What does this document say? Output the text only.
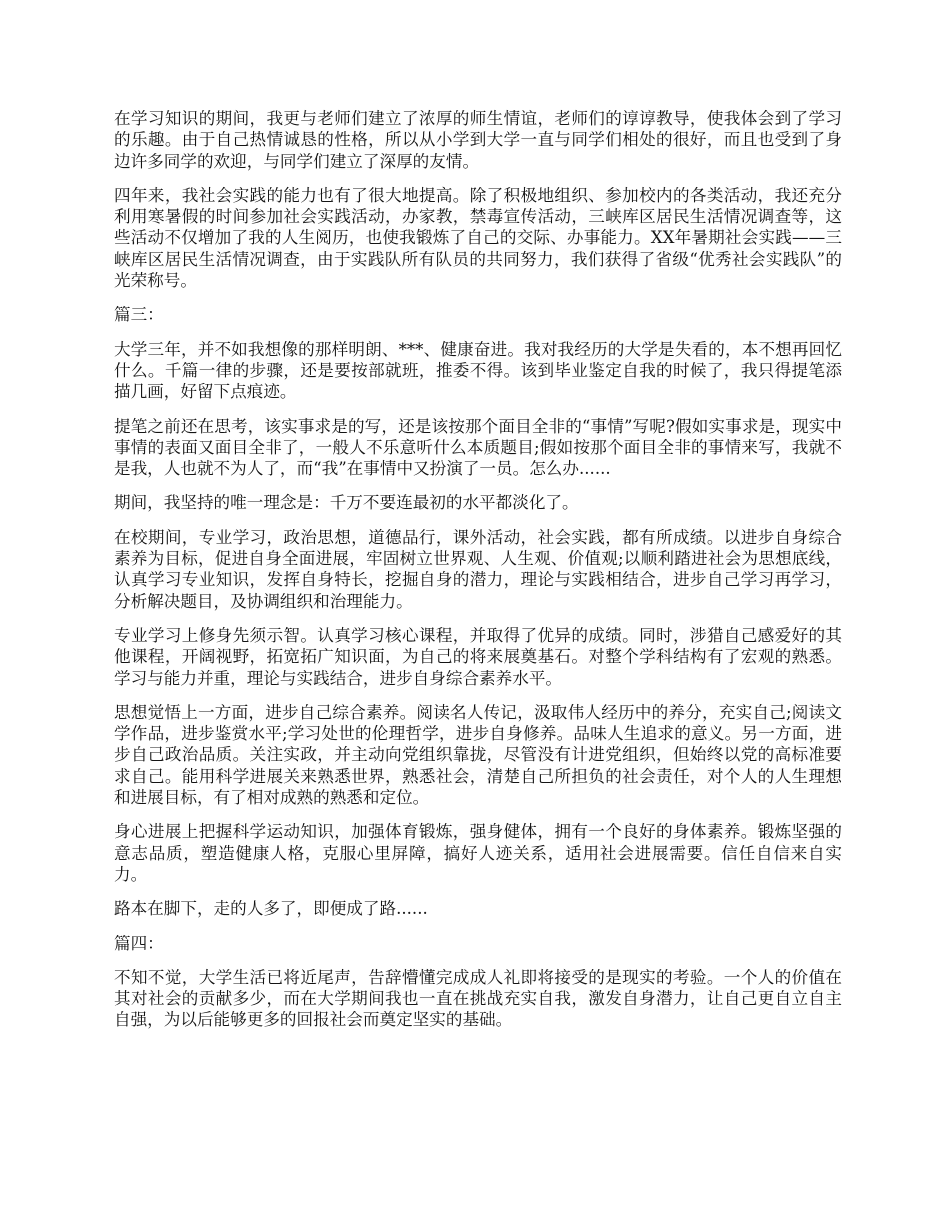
在学习知识的期间，我更与老师们建立了浓厚的师生情谊，老师们的谆谆教导，使我体会到了学习的乐趣。由于自己热情诚恳的性格，所以从小学到大学一直与同学们相处的很好，而且也受到了身边许多同学的欢迎，与同学们建立了深厚的友情。

四年来，我社会实践的能力也有了很大地提高。除了积极地组织、参加校内的各类活动，我还充分利用寒暑假的时间参加社会实践活动，办家教，禁毒宣传活动，三峡库区居民生活情况调查等，这些活动不仅增加了我的人生阅历，也使我锻炼了自己的交际、办事能力。XX年暑期社会实践——三峡库区居民生活情况调查，由于实践队所有队员的共同努力，我们获得了省级“优秀社会实践队”的光荣称号。

篇三：

大学三年，并不如我想像的那样明朗、***、健康奋进。我对我经历的大学是失看的，本不想再回忆什么。千篇一律的步骤，还是要按部就班，推委不得。该到毕业鉴定自我的时候了，我只得提笔添描几画，好留下点痕迹。

提笔之前还在思考，该实事求是的写，还是该按那个面目全非的“事情”写呢?假如实事求是，现实中事情的表面又面目全非了，一般人不乐意听什么本质题目;假如按那个面目全非的事情来写，我就不是我，人也就不为人了，而“我”在事情中又扮演了一员。怎么办......

期间，我坚持的唯一理念是：千万不要连最初的水平都淡化了。

在校期间，专业学习，政治思想，道德品行，课外活动，社会实践，都有所成绩。以进步自身综合素养为目标，促进自身全面进展，牢固树立世界观、人生观、价值观;以顺利踏进社会为思想底线，认真学习专业知识，发挥自身特长，挖掘自身的潜力，理论与实践相结合，进步自己学习再学习，分析解决题目，及协调组织和治理能力。

专业学习上修身先须示智。认真学习核心课程，并取得了优异的成绩。同时，涉猎自己感爱好的其他课程，开阔视野，拓宽拓广知识面，为自己的将来展奠基石。对整个学科结构有了宏观的熟悉。学习与能力并重，理论与实践结合，进步自身综合素养水平。

思想觉悟上一方面，进步自己综合素养。阅读名人传记，汲取伟人经历中的养分，充实自己;阅读文学作品，进步鉴赏水平;学习处世的伦理哲学，进步自身修养。品味人生追求的意义。另一方面，进步自己政治品质。关注实政，并主动向党组织靠拢，尽管没有计进党组织，但始终以党的高标准要求自己。能用科学进展关来熟悉世界，熟悉社会，清楚自己所担负的社会责任，对个人的人生理想和进展目标，有了相对成熟的熟悉和定位。

身心进展上把握科学运动知识，加强体育锻炼，强身健体，拥有一个良好的身体素养。锻炼坚强的意志品质，塑造健康人格，克服心里屏障，搞好人迹关系，适用社会进展需要。信任自信来自实力。

路本在脚下，走的人多了，即便成了路......

篇四：

不知不觉，大学生活已将近尾声，告辞懵懂完成成人礼即将接受的是现实的考验。一个人的价值在其对社会的贡献多少，而在大学期间我也一直在挑战充实自我，激发自身潜力，让自己更自立自主自强，为以后能够更多的回报社会而奠定坚实的基础。
